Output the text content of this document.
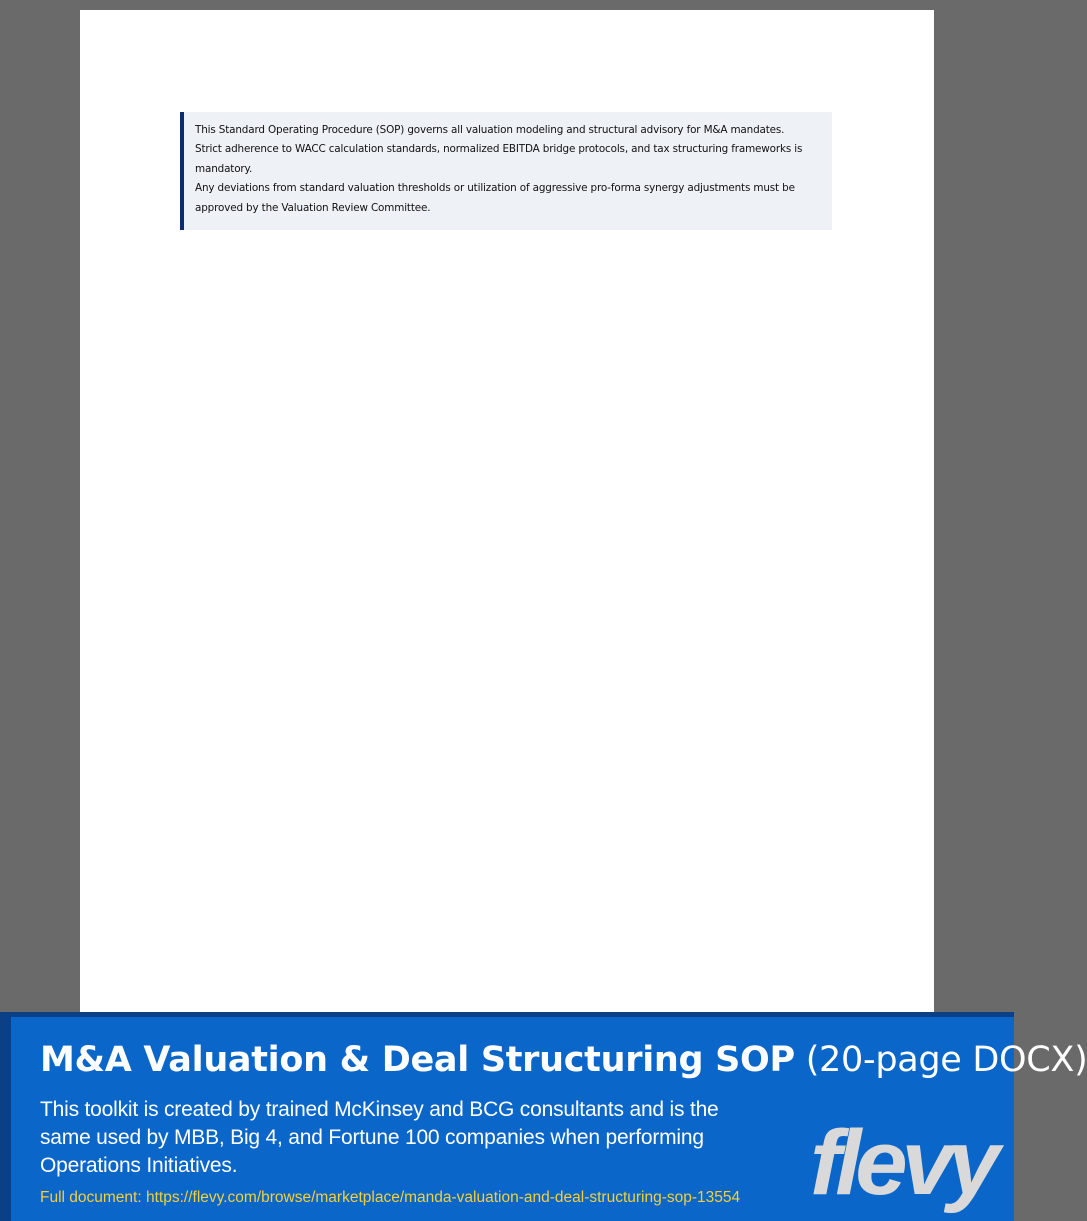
This Standard Operating Procedure (SOP) governs all valuation modeling and structural advisory for M&A mandates.

Strict adherence to WACC calculation standards, normalized EBITDA bridge protocols, and tax structuring frameworks is mandatory.

Any deviations from standard valuation thresholds or utilization of aggressive pro-forma synergy adjustments must be approved by the Valuation Review Committee.

M&A Valuation & Deal Structuring SOP (20-page DOCX)
This toolkit is created by trained McKinsey and BCG consultants and is the same used by MBB, Big 4, and Fortune 100 companies when performing Operations Initiatives.
Full document: https://flevy.com/browse/marketplace/manda-valuation-and-deal-structuring-sop-13554 flevy
